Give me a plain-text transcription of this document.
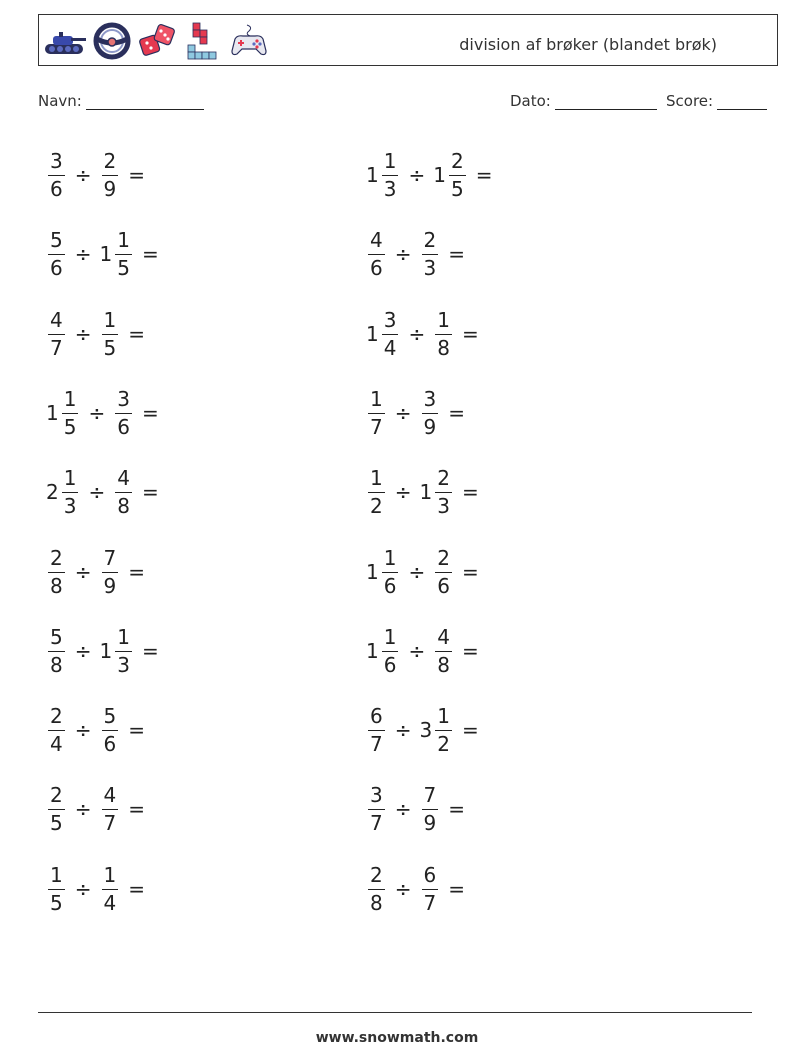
division af brøker (blandet brøk)
Navn:	Dato:	Score:
$\frac{3}{6} \div \frac{2}{9}$ =	$1 \frac{1}{3} \div 1 \frac{2}{5}$ =
$\frac{5}{6} \div 1 \frac{1}{5}$ =	$\frac{4}{6} \div \frac{2}{3}$ =
$\frac{4}{7} \div \frac{1}{5}$ =	$1 \frac{3}{4} \div \frac{1}{8}$ =
$1 \frac{1}{5} \div \frac{3}{6}$ =	$\frac{1}{7} \div \frac{3}{9}$ =
$2 \frac{1}{3} \div \frac{4}{8}$ =	$\frac{1}{2} \div 1 \frac{2}{3}$ =
$\frac{2}{8} \div \frac{7}{9}$ =	$1 \frac{1}{6} \div \frac{2}{6}$ =
$\frac{5}{8} \div 1 \frac{1}{3}$ =	$1 \frac{1}{6} \div \frac{4}{8}$ =
$\frac{2}{4} \div \frac{5}{6}$ =	$\frac{6}{7} \div 3 \frac{1}{2}$ =
$\frac{2}{5} \div \frac{4}{7}$ =	$\frac{3}{7} \div \frac{7}{9}$ =
$\frac{1}{5} \div \frac{1}{4}$ =	$\frac{2}{8} \div \frac{6}{7}$ =
www.snowmath.com
